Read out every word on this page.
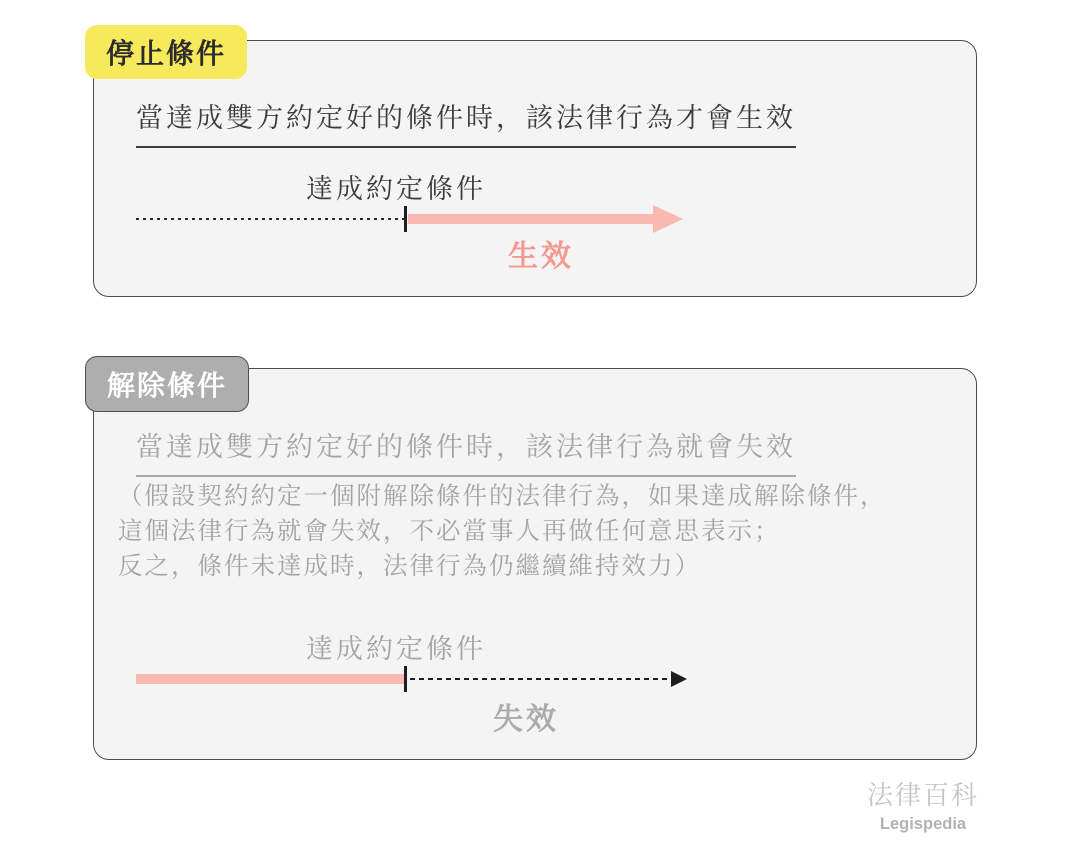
停止條件
解除條件

當達成雙方約定好的條件時，該法律行為才會生效

達成約定條件
生效

當達成雙方約定好的條件時，該法律行為就會失效

（假設契約約定一個附解除條件的法律行為，如果達成解除條件，
這個法律行為就會失效，不必當事人再做任何意思表示；
反之，條件未達成時，法律行為仍繼續維持效力）
達成約定條件
失效
法律百科
Legispedia
